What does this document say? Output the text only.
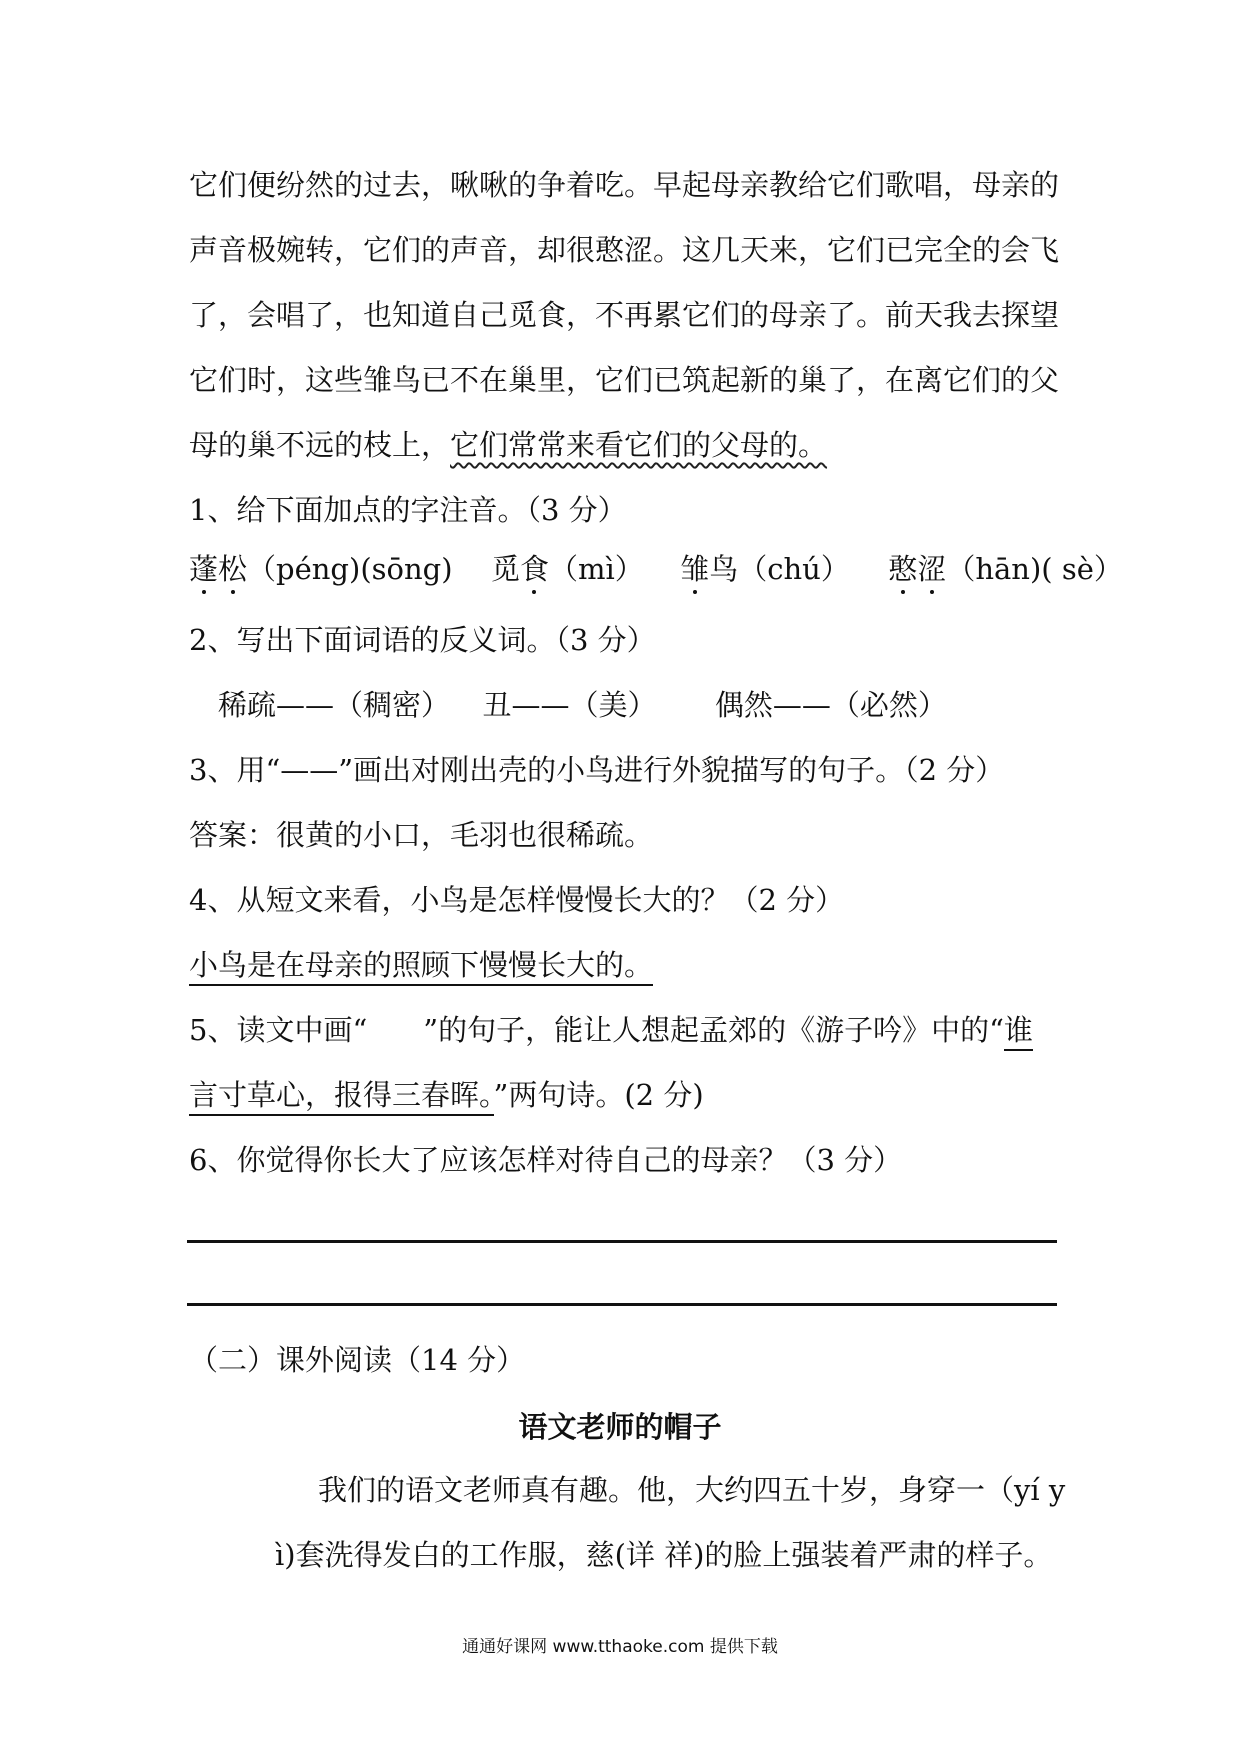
它们便纷然的过去，啾啾的争着吃。早起母亲教给它们歌唱，母亲的
声音极婉转，它们的声音，却很憨涩。这几天来，它们已完全的会飞
了，会唱了，也知道自己觅食，不再累它们的母亲了。前天我去探望
它们时，这些雏鸟已不在巢里，它们已筑起新的巢了，在离它们的父
母的巢不远的枝上，它们常常来看它们的父母的。
1、给下面加点的字注音。（3 分）
蓬松（péng)(sōng) 觅食（mì） 雏鸟（chú） 憨涩（hān)( sè）
2、写出下面词语的反义词。（3 分）
稀疏——（稠密） 丑——（美） 偶然——（必然）
3、用“——”画出对刚出壳的小鸟进行外貌描写的句子。（2 分）
答案：很黄的小口，毛羽也很稀疏。
4、从短文来看，小鸟是怎样慢慢长大的？（2 分）
小鸟是在母亲的照顾下慢慢长大的。
5、读文中画“ ”的句子，能让人想起孟郊的《游子吟》中的“谁
言寸草心，报得三春晖。”两句诗。(2 分)
6、你觉得你长大了应该怎样对待自己的母亲？（3 分）
（二）课外阅读（14 分）
语文老师的帽子
我们的语文老师真有趣。他，大约四五十岁，身穿一（yí y
ì)套洗得发白的工作服，慈(详 祥)的脸上强装着严肃的样子。
通通好课网 www.tthaoke.com 提供下载
